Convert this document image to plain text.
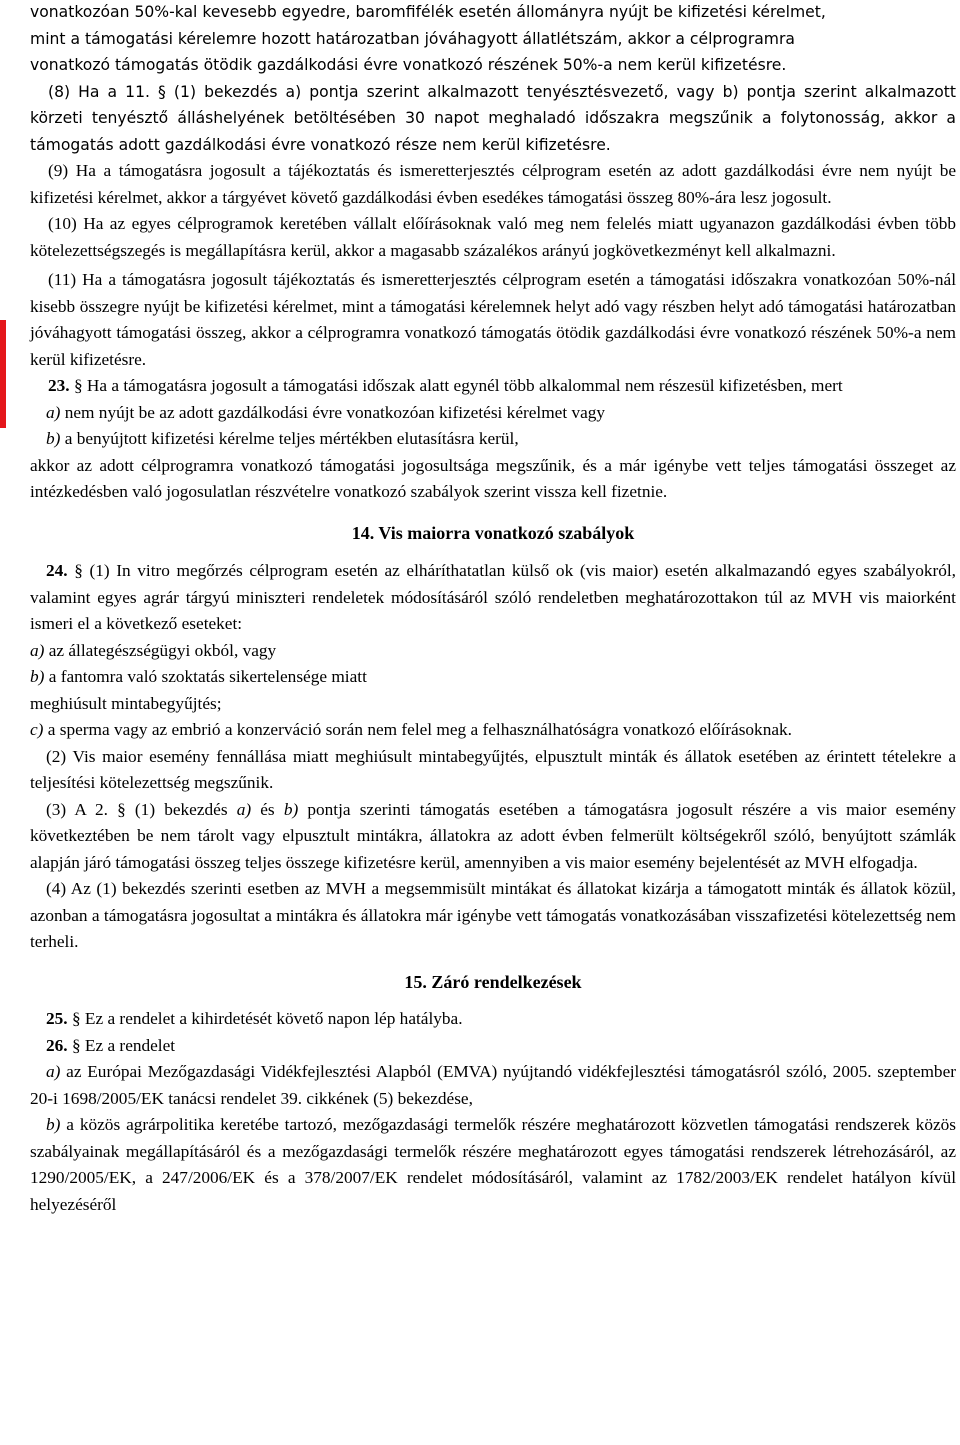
vonatkozóan 50%-kal kevesebb egyedre, baromfifélék esetén állományra nyújt be kifizetési kérelmet,
mint a támogatási kérelemre hozott határozatban jóváhagyott állatlétszám, akkor a célprogramra
vonatkozó támogatás ötödik gazdálkodási évre vonatkozó részének 50%-a nem kerül kifizetésre.

(8) Ha a 11. § (1) bekezdés a) pontja szerint alkalmazott tenyésztésvezető, vagy b) pontja szerint alkalmazott körzeti tenyésztő álláshelyének betöltésében 30 napot meghaladó időszakra megszűnik a folytonosság, akkor a támogatás adott gazdálkodási évre vonatkozó része nem kerül kifizetésre.

(9) Ha a támogatásra jogosult a tájékoztatás és ismeretterjesztés célprogram esetén az adott gazdálkodási évre nem nyújt be kifizetési kérelmet, akkor a tárgyévet követő gazdálkodási évben esedékes támogatási összeg 80%-ára lesz jogosult.

(10) Ha az egyes célprogramok keretében vállalt előírásoknak való meg nem felelés miatt ugyanazon gazdálkodási évben több kötelezettségszegés is megállapításra kerül, akkor a magasabb százalékos arányú jogkövetkezményt kell alkalmazni.

(11) Ha a támogatásra jogosult tájékoztatás és ismeretterjesztés célprogram esetén a támogatási időszakra vonatkozóan 50%-nál kisebb összegre nyújt be kifizetési kérelmet, mint a támogatási kérelemnek helyt adó vagy részben helyt adó támogatási határozatban jóváhagyott támogatási összeg, akkor a célprogramra vonatkozó támogatás ötödik gazdálkodási évre vonatkozó részének 50%-a nem kerül kifizetésre.

23. § Ha a támogatásra jogosult a támogatási időszak alatt egynél több alkalommal nem részesül kifizetésben, mert

a) nem nyújt be az adott gazdálkodási évre vonatkozóan kifizetési kérelmet vagy

b) a benyújtott kifizetési kérelme teljes mértékben elutasításra kerül,

akkor az adott célprogramra vonatkozó támogatási jogosultsága megszűnik, és a már igénybe vett teljes támogatási összeget az intézkedésben való jogosulatlan részvételre vonatkozó szabályok szerint vissza kell fizetnie.

14. Vis maiorra vonatkozó szabályok

24. § (1) In vitro megőrzés célprogram esetén az elháríthatatlan külső ok (vis maior) esetén alkalmazandó egyes szabályokról, valamint egyes agrár tárgyú miniszteri rendeletek módosításáról szóló rendeletben meghatározottakon túl az MVH vis maiorként ismeri el a következő eseteket:

a) az állategészségügyi okból, vagy

b) a fantomra való szoktatás sikertelensége miatt

meghiúsult mintabegyűjtés;

c) a sperma vagy az embrió a konzerváció során nem felel meg a felhasználhatóságra vonatkozó előírásoknak.

(2) Vis maior esemény fennállása miatt meghiúsult mintabegyűjtés, elpusztult minták és állatok esetében az érintett tételekre a teljesítési kötelezettség megszűnik.

(3) A 2. § (1) bekezdés a) és b) pontja szerinti támogatás esetében a támogatásra jogosult részére a vis maior esemény következtében be nem tárolt vagy elpusztult mintákra, állatokra az adott évben felmerült költségekről szóló, benyújtott számlák alapján járó támogatási összeg teljes összege kifizetésre kerül, amennyiben a vis maior esemény bejelentését az MVH elfogadja.

(4) Az (1) bekezdés szerinti esetben az MVH a megsemmisült mintákat és állatokat kizárja a támogatott minták és állatok közül, azonban a támogatásra jogosultat a mintákra és állatokra már igénybe vett támogatás vonatkozásában visszafizetési kötelezettség nem terheli.

15. Záró rendelkezések

25. § Ez a rendelet a kihirdetését követő napon lép hatályba.

26. § Ez a rendelet

a) az Európai Mezőgazdasági Vidékfejlesztési Alapból (EMVA) nyújtandó vidékfejlesztési támogatásról szóló, 2005. szeptember 20-i 1698/2005/EK tanácsi rendelet 39. cikkének (5) bekezdése,

b) a közös agrárpolitika keretébe tartozó, mezőgazdasági termelők részére meghatározott közvetlen támogatási rendszerek közös szabályainak megállapításáról és a mezőgazdasági termelők részére meghatározott egyes támogatási rendszerek létrehozásáról, az 1290/2005/EK, a 247/2006/EK és a 378/2007/EK rendelet módosításáról, valamint az 1782/2003/EK rendelet hatályon kívül helyezéséről
